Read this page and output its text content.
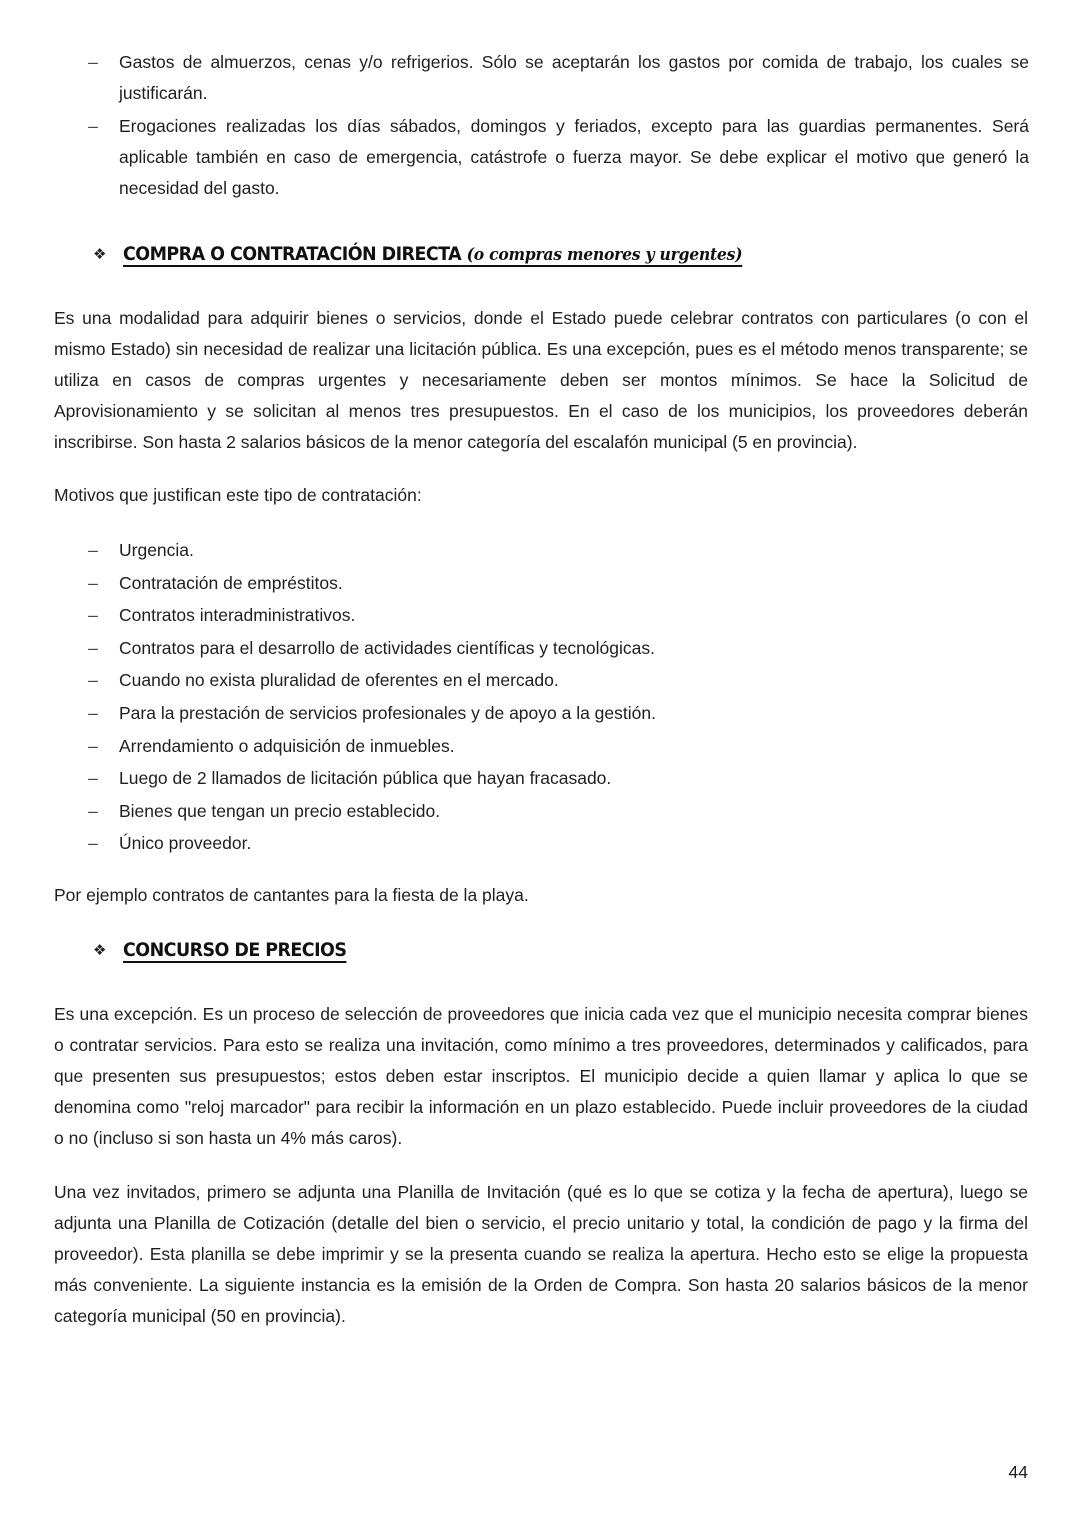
– Gastos de almuerzos, cenas y/o refrigerios. Sólo se aceptarán los gastos por comida de trabajo, los cuales se justificarán.
– Erogaciones realizadas los días sábados, domingos y feriados, excepto para las guardias permanentes. Será aplicable también en caso de emergencia, catástrofe o fuerza mayor. Se debe explicar el motivo que generó la necesidad del gasto.
❖ COMPRA O CONTRATACIÓN DIRECTA (o compras menores y urgentes)

Es una modalidad para adquirir bienes o servicios, donde el Estado puede celebrar contratos con particulares (o con el mismo Estado) sin necesidad de realizar una licitación pública. Es una excepción, pues es el método menos transparente; se utiliza en casos de compras urgentes y necesariamente deben ser montos mínimos. Se hace la Solicitud de Aprovisionamiento y se solicitan al menos tres presupuestos. En el caso de los municipios, los proveedores deberán inscribirse. Son hasta 2 salarios básicos de la menor categoría del escalafón municipal (5 en provincia).

Motivos que justifican este tipo de contratación:

– Urgencia.
– Contratación de empréstitos.
– Contratos interadministrativos.
– Contratos para el desarrollo de actividades científicas y tecnológicas.
– Cuando no exista pluralidad de oferentes en el mercado.
– Para la prestación de servicios profesionales y de apoyo a la gestión.
– Arrendamiento o adquisición de inmuebles.
– Luego de 2 llamados de licitación pública que hayan fracasado.
– Bienes que tengan un precio establecido.
– Único proveedor.

Por ejemplo contratos de cantantes para la fiesta de la playa.

❖ CONCURSO DE PRECIOS

Es una excepción. Es un proceso de selección de proveedores que inicia cada vez que el municipio necesita comprar bienes o contratar servicios. Para esto se realiza una invitación, como mínimo a tres proveedores, determinados y calificados, para que presenten sus presupuestos; estos deben estar inscriptos. El municipio decide a quien llamar y aplica lo que se denomina como "reloj marcador" para recibir la información en un plazo establecido. Puede incluir proveedores de la ciudad o no (incluso si son hasta un 4% más caros).

Una vez invitados, primero se adjunta una Planilla de Invitación (qué es lo que se cotiza y la fecha de apertura), luego se adjunta una Planilla de Cotización (detalle del bien o servicio, el precio unitario y total, la condición de pago y la firma del proveedor). Esta planilla se debe imprimir y se la presenta cuando se realiza la apertura. Hecho esto se elige la propuesta más conveniente. La siguiente instancia es la emisión de la Orden de Compra. Son hasta 20 salarios básicos de la menor categoría municipal (50 en provincia).

44
